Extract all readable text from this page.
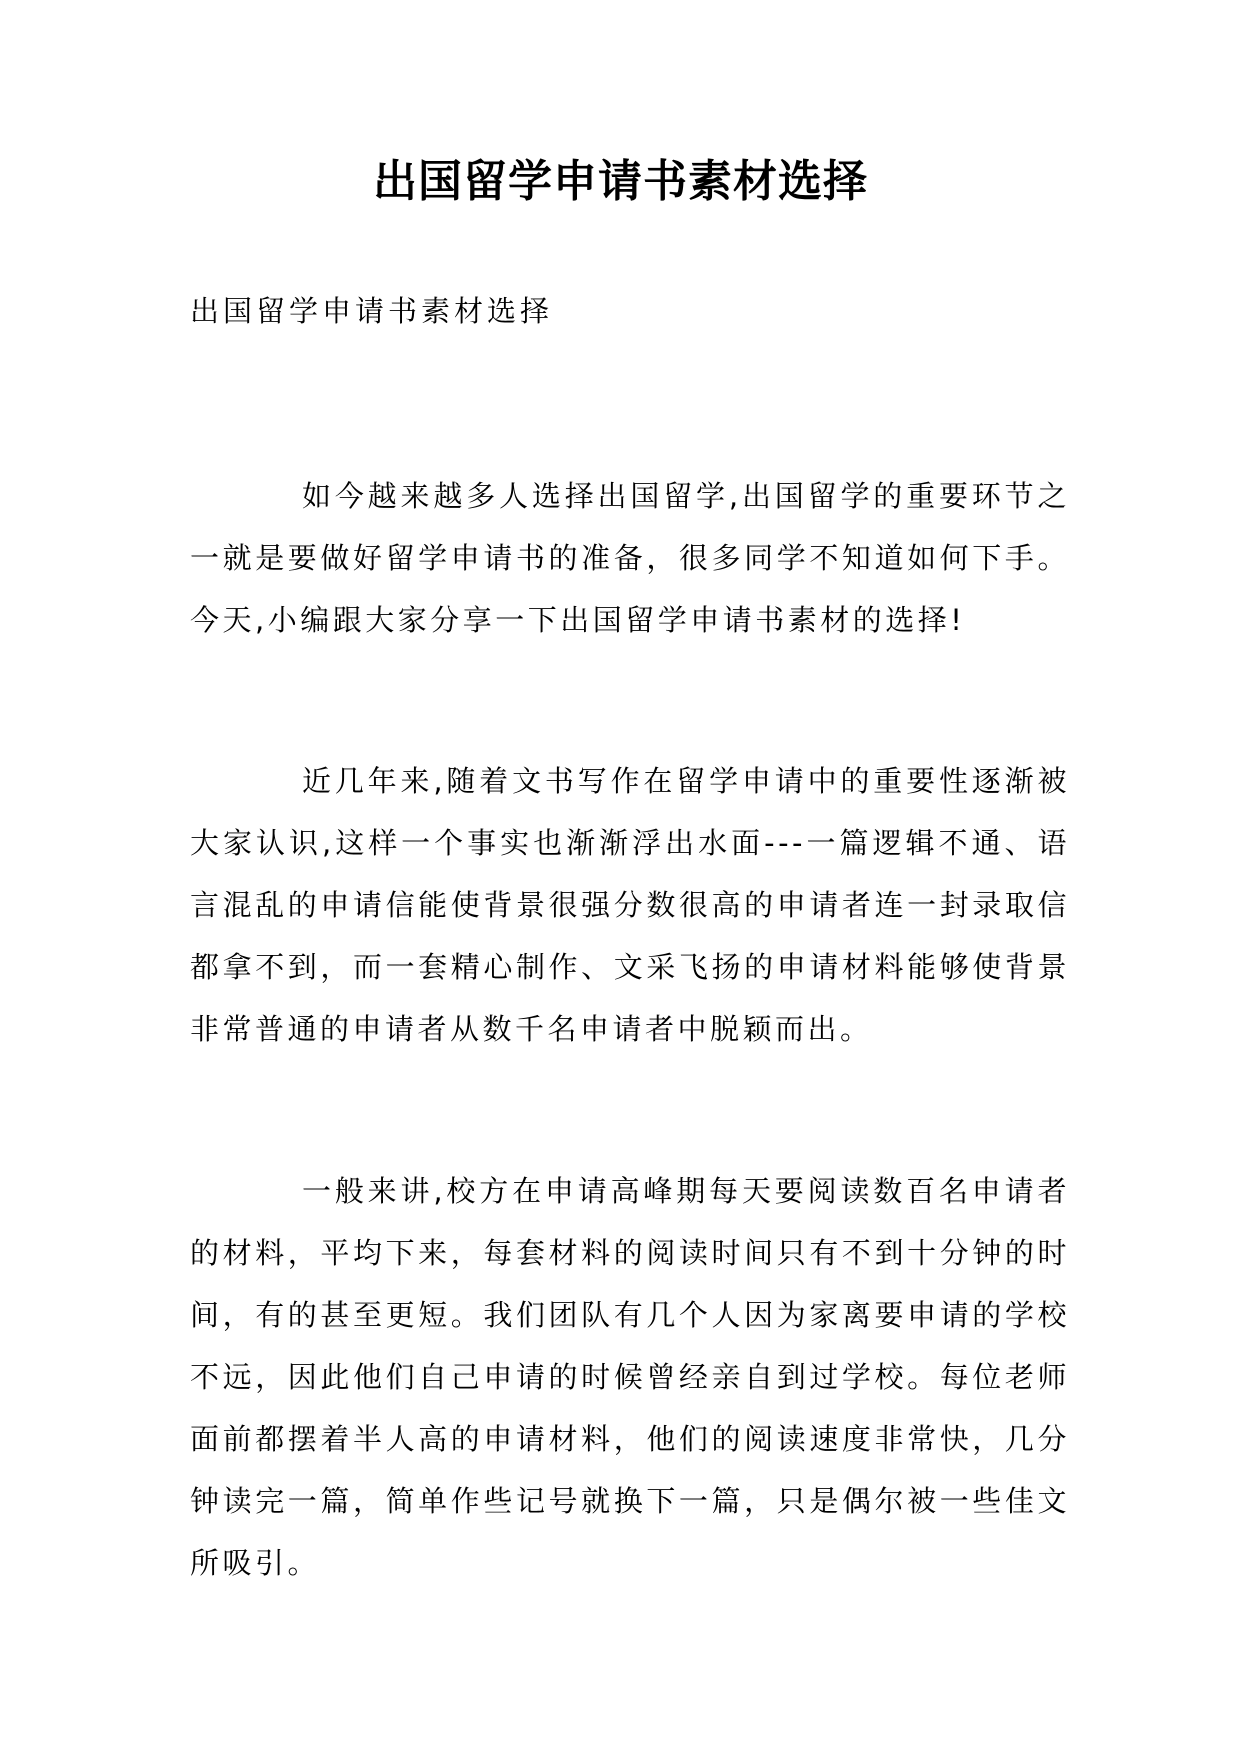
出国留学申请书素材选择

出国留学申请书素材选择

如今越来越多人选择出国留学,出国留学的重要环节之一就是要做好留学申请书的准备，很多同学不知道如何下手。今天,小编跟大家分享一下出国留学申请书素材的选择!

近几年来,随着文书写作在留学申请中的重要性逐渐被大家认识,这样一个事实也渐渐浮出水面---一篇逻辑不通、语言混乱的申请信能使背景很强分数很高的申请者连一封录取信都拿不到，而一套精心制作、文采飞扬的申请材料能够使背景非常普通的申请者从数千名申请者中脱颖而出。

一般来讲,校方在申请高峰期每天要阅读数百名申请者的材料，平均下来，每套材料的阅读时间只有不到十分钟的时间，有的甚至更短。我们团队有几个人因为家离要申请的学校不远，因此他们自己申请的时候曾经亲自到过学校。每位老师面前都摆着半人高的申请材料，他们的阅读速度非常快，几分钟读完一篇，简单作些记号就换下一篇，只是偶尔被一些佳文所吸引。
